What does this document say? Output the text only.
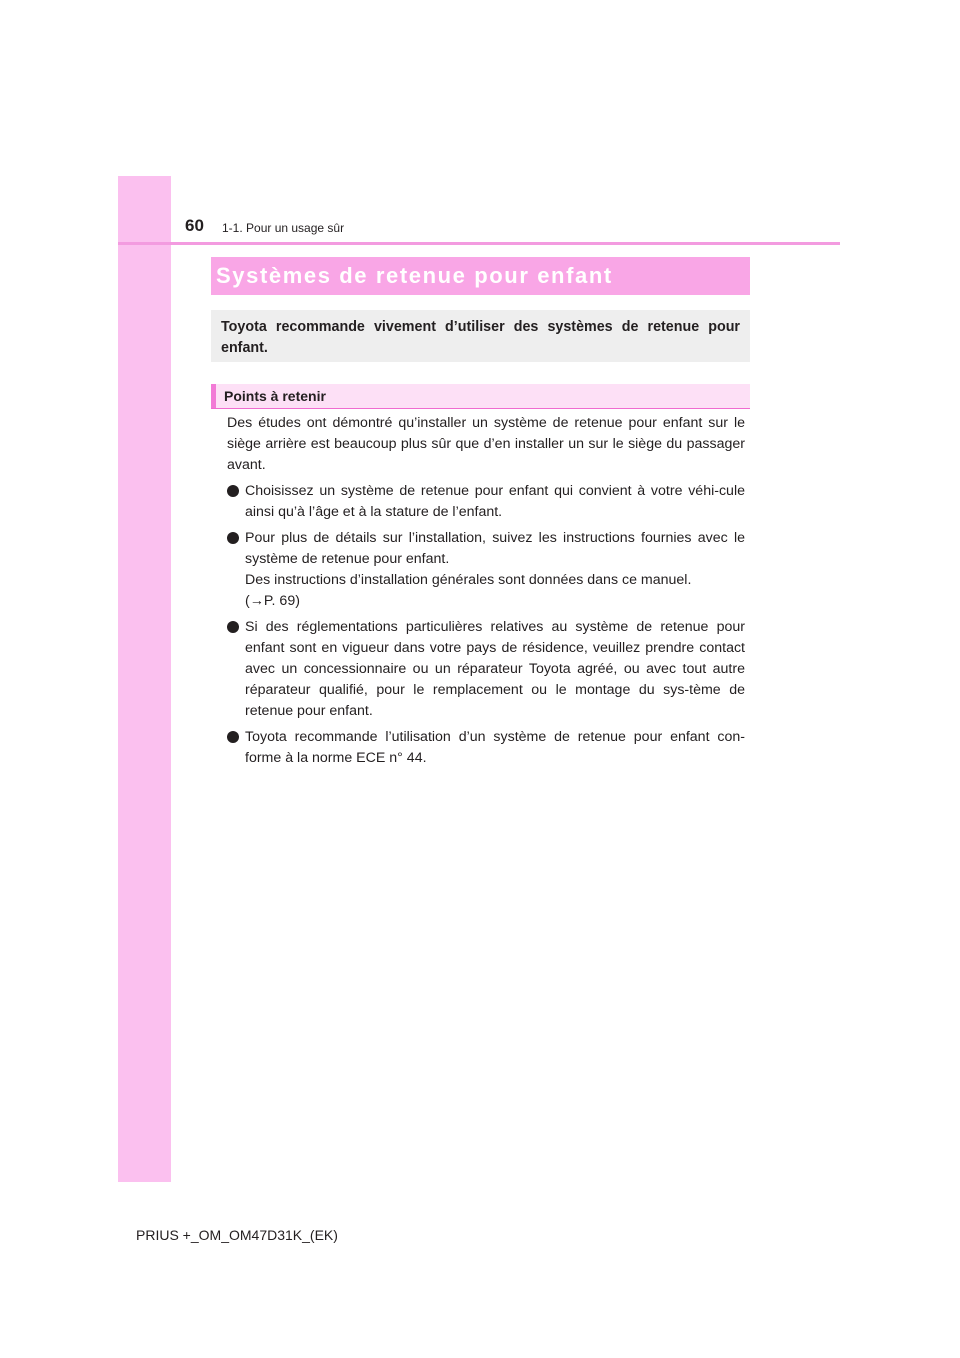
60 1-1. Pour un usage sûr
Systèmes de retenue pour enfant
Toyota recommande vivement d’utiliser des systèmes de retenue pour enfant.
Points à retenir

Des études ont démontré qu’installer un système de retenue pour enfant sur le siège arrière est beaucoup plus sûr que d’en installer un sur le siège du passager avant.

Choisissez un système de retenue pour enfant qui convient à votre véhi-cule ainsi qu’à l’âge et à la stature de l’enfant.

Pour plus de détails sur l’installation, suivez les instructions fournies avec le système de retenue pour enfant.

Des instructions d’installation générales sont données dans ce manuel.

(→P. 69)

Si des réglementations particulières relatives au système de retenue pour enfant sont en vigueur dans votre pays de résidence, veuillez prendre contact avec un concessionnaire ou un réparateur Toyota agréé, ou avec tout autre réparateur qualifié, pour le remplacement ou le montage du sys-tème de retenue pour enfant.

Toyota recommande l’utilisation d’un système de retenue pour enfant con-forme à la norme ECE n° 44.

PRIUS +_OM_OM47D31K_(EK)
